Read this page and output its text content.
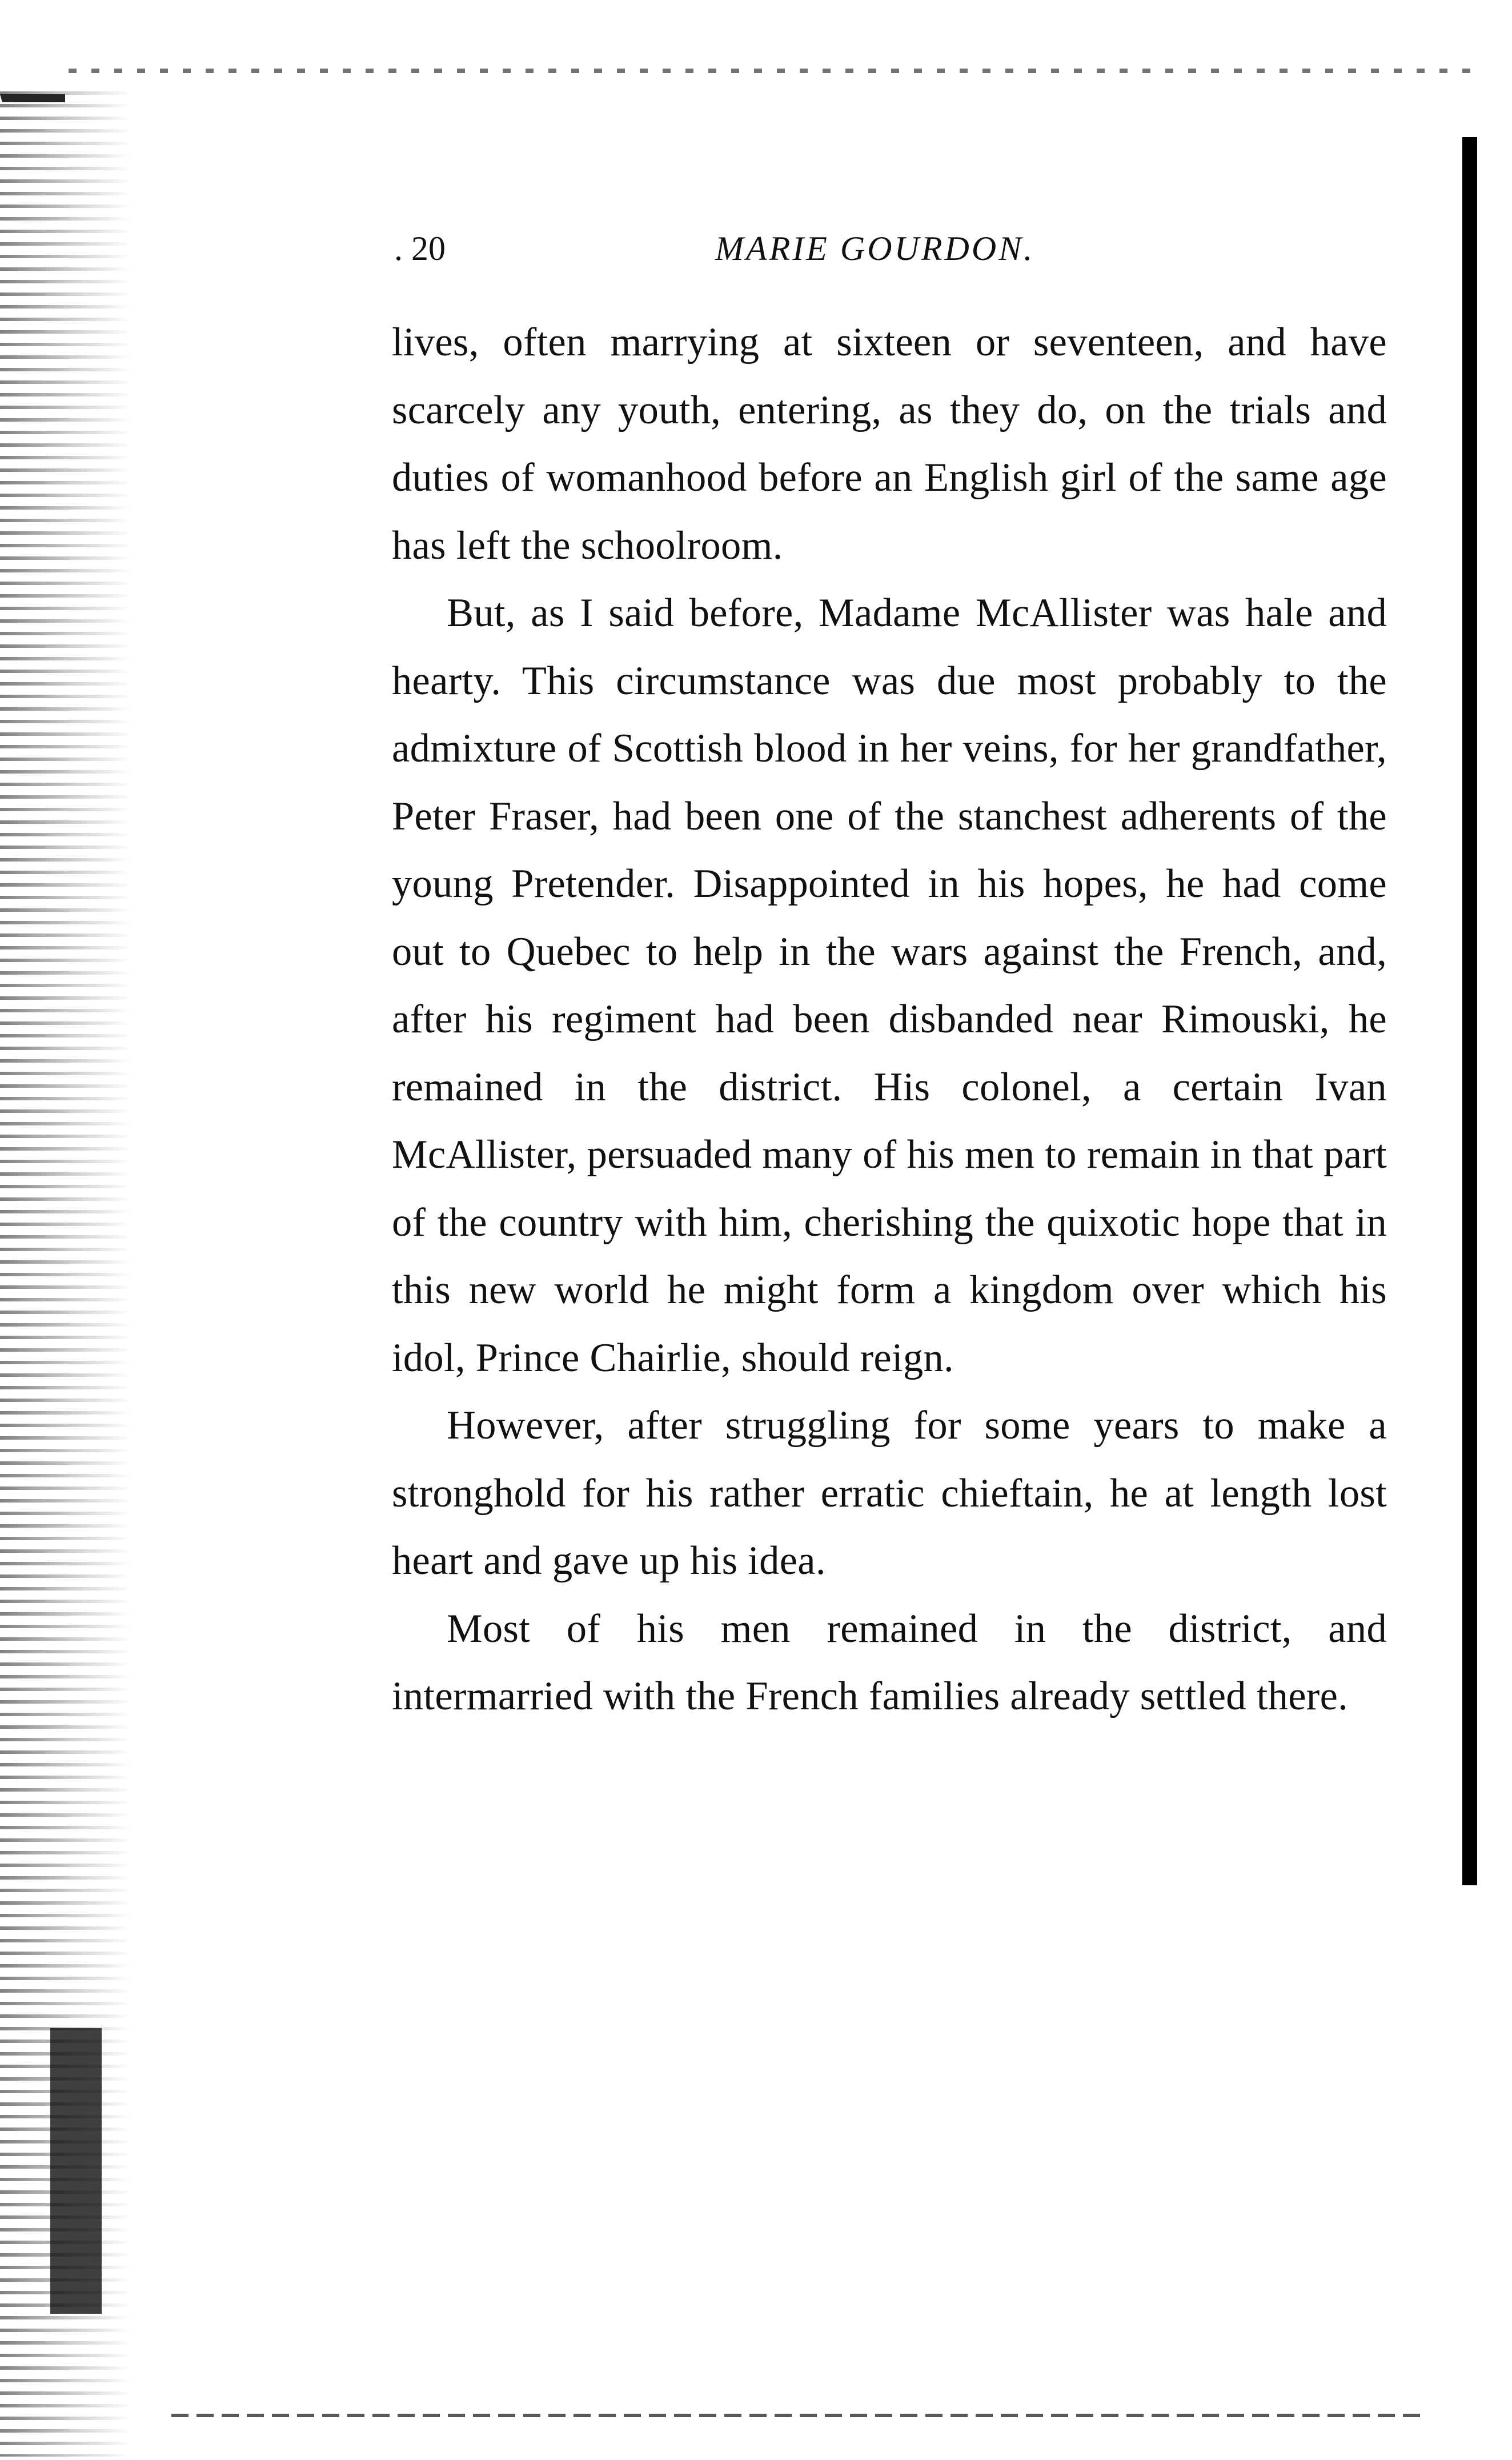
. 20	MARIE GOURDON.

lives, often marrying at sixteen or seventeen, and have scarcely any youth, entering, as they do, on the trials and duties of womanhood before an English girl of the same age has left the schoolroom.

But, as I said before, Madame McAllister was hale and hearty. This circumstance was due most probably to the admixture of Scottish blood in her veins, for her grandfather, Peter Fraser, had been one of the stanchest adherents of the young Pretender. Disappointed in his hopes, he had come out to Quebec to help in the wars against the French, and, after his regiment had been disbanded near Rimouski, he remained in the district. His colonel, a certain Ivan McAllister, persuaded many of his men to remain in that part of the country with him, cherishing the quixotic hope that in this new world he might form a kingdom over which his idol, Prince Chairlie, should reign.

However, after struggling for some years to make a stronghold for his rather erratic chieftain, he at length lost heart and gave up his idea.

Most of his men remained in the district, and intermarried with the French families already settled there.
